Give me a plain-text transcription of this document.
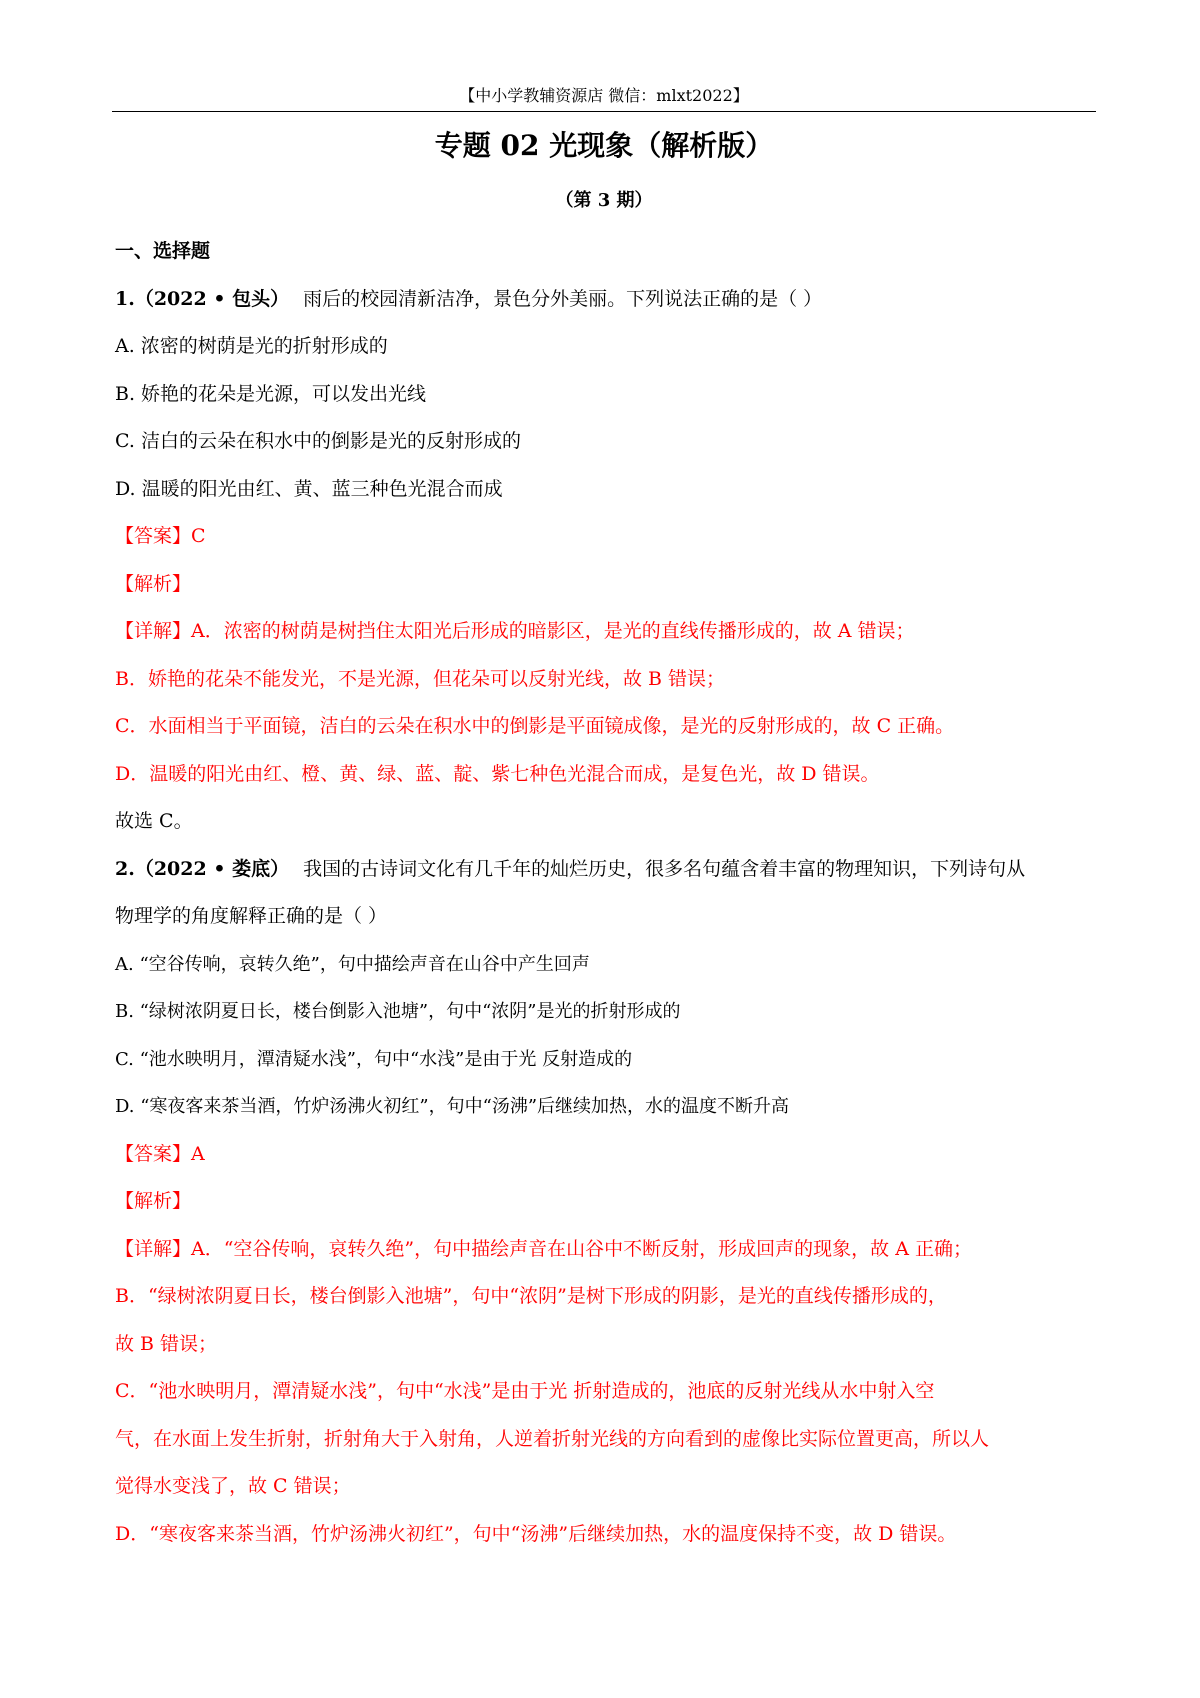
【中小学教辅资源店 微信：mlxt2022】
专题 02 光现象（解析版）
（第 3 期）
一、选择题
1.（2022 • 包头） 雨后的校园清新洁净，景色分外美丽。下列说法正确的是（ ）
A. 浓密的树荫是光的折射形成的
B. 娇艳的花朵是光源，可以发出光线
C. 洁白的云朵在积水中的倒影是光的反射形成的
D. 温暖的阳光由红、黄、蓝三种色光混合而成
【答案】C
【解析】
【详解】A．浓密的树荫是树挡住太阳光后形成的暗影区，是光的直线传播形成的，故 A 错误；
B．娇艳的花朵不能发光，不是光源，但花朵可以反射光线，故 B 错误；
C．水面相当于平面镜，洁白的云朵在积水中的倒影是平面镜成像，是光的反射形成的，故 C 正确。
D．温暖的阳光由红、橙、黄、绿、蓝、靛、紫七种色光混合而成，是复色光，故 D 错误。
故选 C。
2.（2022 • 娄底） 我国的古诗词文化有几千年的灿烂历史，很多名句蕴含着丰富的物理知识，下列诗句从
物理学的角度解释正确的是（ ）
A. “空谷传响，哀转久绝”，句中描绘声音在山谷中产生回声
B. “绿树浓阴夏日长，楼台倒影入池塘”，句中“浓阴”是光的折射形成的
C. “池水映明月，潭清疑水浅”，句中“水浅”是由于光 反射造成的
D. “寒夜客来茶当酒，竹炉汤沸火初红”，句中“汤沸”后继续加热，水的温度不断升高
【答案】A
【解析】
【详解】A．“空谷传响，哀转久绝”，句中描绘声音在山谷中不断反射，形成回声的现象，故 A 正确；
B．“绿树浓阴夏日长，楼台倒影入池塘”，句中“浓阴”是树下形成的阴影，是光的直线传播形成的，
故 B 错误；
C．“池水映明月，潭清疑水浅”，句中“水浅”是由于光 折射造成的，池底的反射光线从水中射入空
气，在水面上发生折射，折射角大于入射角，人逆着折射光线的方向看到的虚像比实际位置更高，所以人
觉得水变浅了，故 C 错误；
D．“寒夜客来茶当酒，竹炉汤沸火初红”，句中“汤沸”后继续加热，水的温度保持不变，故 D 错误。
